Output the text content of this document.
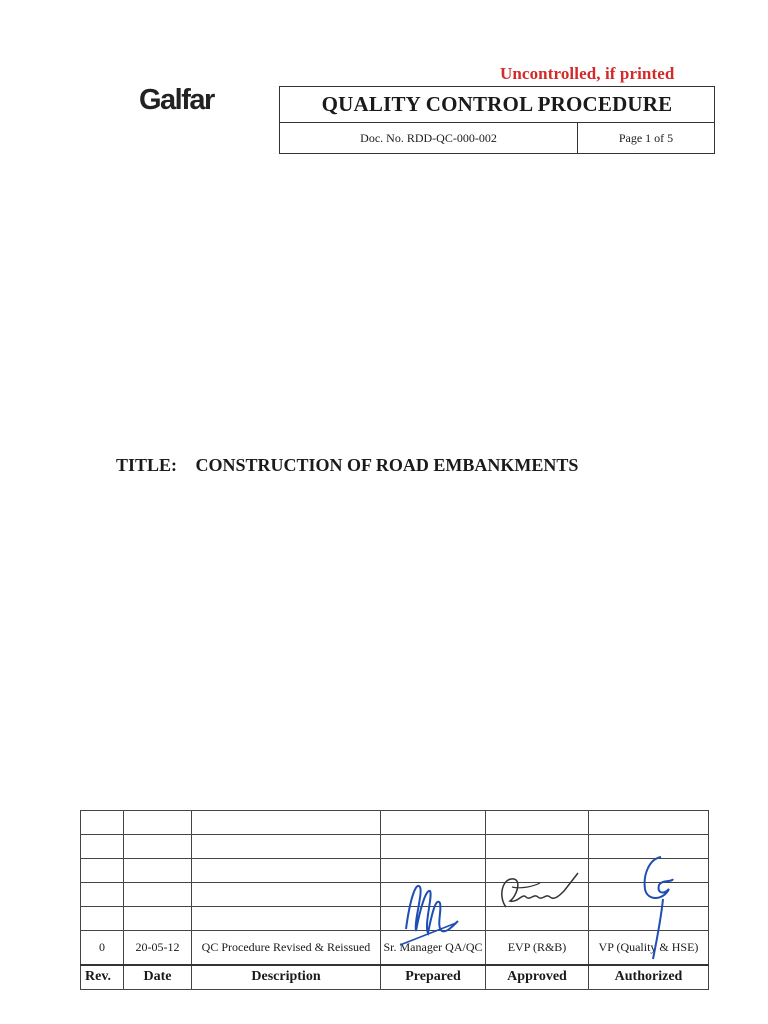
Uncontrolled, if printed
Galfar	QUALITY CONTROL PROCEDURE
Doc. No. RDD-QC-000-002	Page 1 of 5
TITLE: CONSTRUCTION OF ROAD EMBANKMENTS

0	20-05-12	QC Procedure Revised & Reissued	Sr. Manager QA/QC	EVP (R&B)	VP (Quality & HSE)

Rev.	Date	Description	Prepared	Approved	Authorized
